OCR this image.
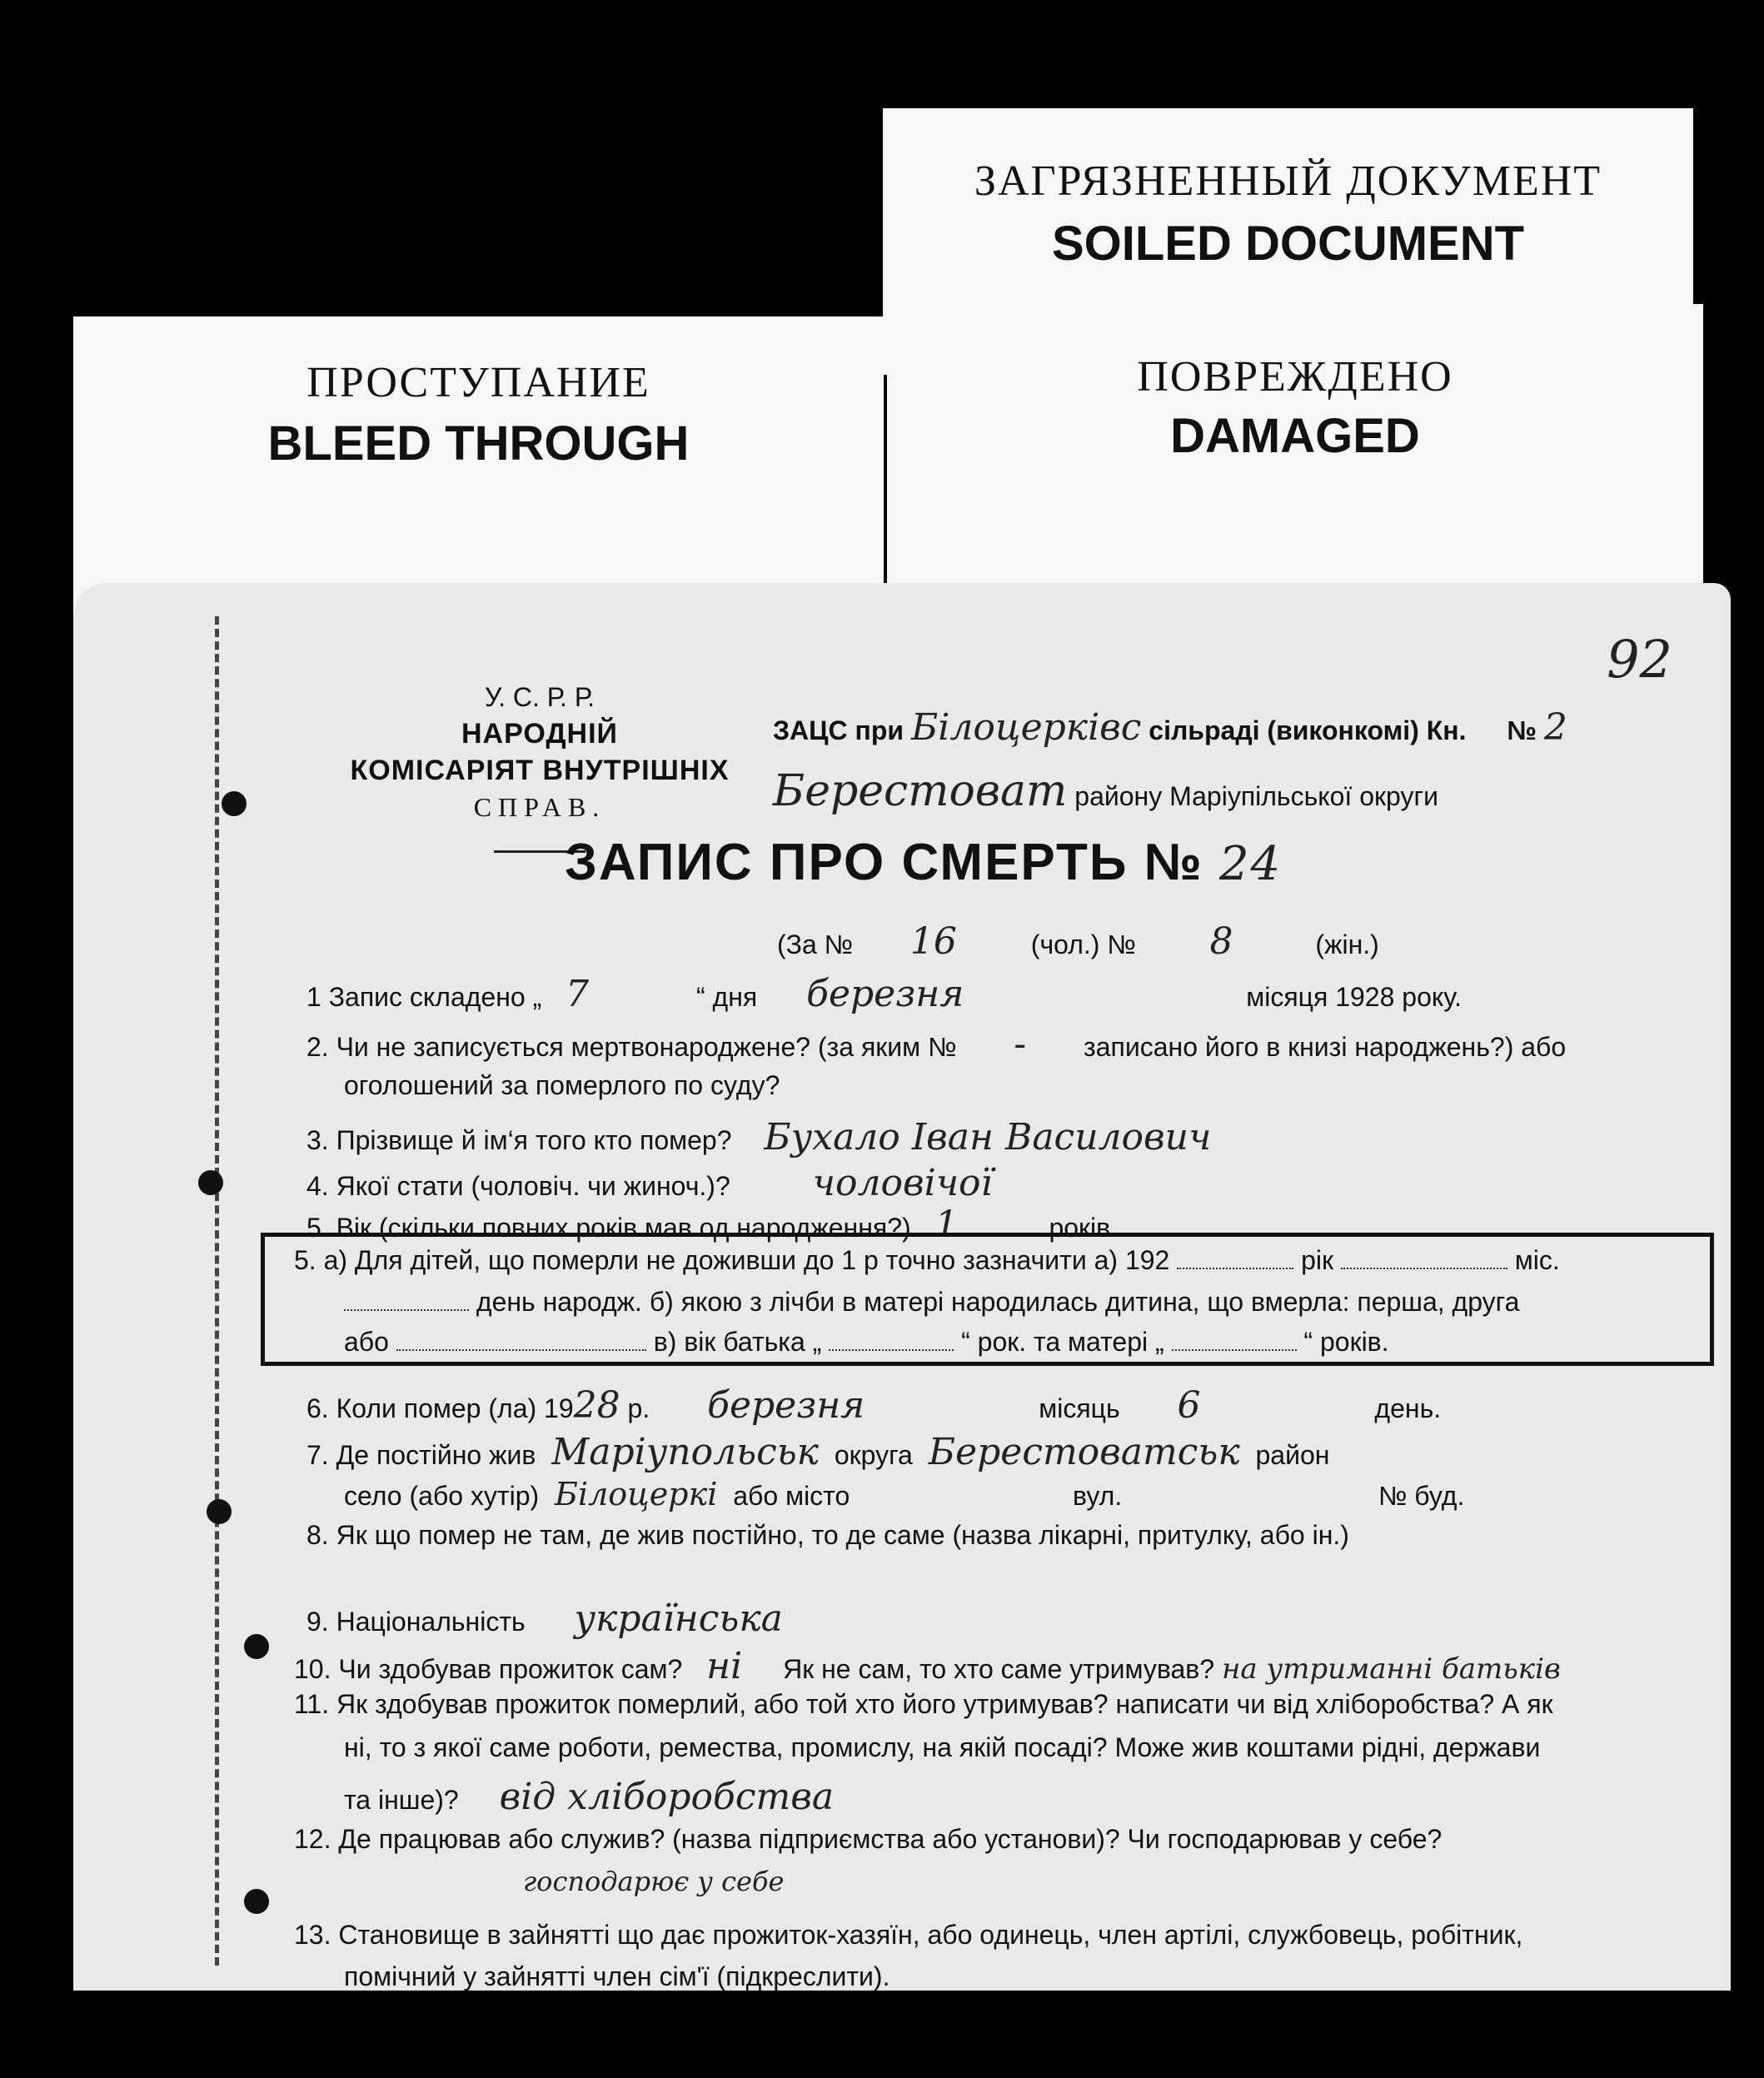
ЗАГРЯЗНЕННЫЙ ДОКУМЕНТ
SOILED DOCUMENT
ПРОСТУПАНИЕ
BLEED THROUGH
ПОВРЕЖДЕНО
DAMAGED
92
У. С. Р. Р.
НАРОДНІЙ
КОМІСАРІЯТ ВНУТРІШНІХ
СПРАВ.
ЗАЦС при Білоцерківс сільраді (виконкомі) Кн. № 2
Берестоват району Маріупільської округи
ЗАПИС ПРО СМЕРТЬ № 24
(За № 16	(чол.) № 8	(жін.)
1 Запис складено „ 7	“ дня березня	місяця 1928 року.
2. Чи не записується мертвонароджене? (за яким № - записано його в книзі народжень?) або
оголошений за померлого по суду?
3. Прізвище й ім‘я того кто помер? Бухало Іван Василович
4. Якої стати (чоловіч. чи жиноч.)? чоловічої
5. Вік (скільки повних років мав од народження?) 1	років
5. а) Для дітей, що померли не доживши до 1 р точно зазначити а) 192	рік	міс.
день народж. б) якою з лічби в матері народилась дитина, що вмерла: перша, друга
або	в) вік батька „	“ рок. та матері „	“ років.
6. Коли помер (ла) 1928 р. березня	місяць 6	день.
7. Де постійно жив Маріупольськ округа Берестоватськ район
село (або хутір) Білоцеркі або місто	вул.	№ буд.
8. Як що помер не там, де жив постійно, то де саме (назва лікарні, притулку, або ін.)
9. Національність українська
10. Чи здобував прожиток сам? ні Як не сам, то хто саме утримував? на утриманні батьків
11. Як здобував прожиток померлий, або той хто його утримував? написати чи від хліборобства? А як
ні, то з якої саме роботи, ремества, промислу, на якій посаді? Може жив коштами рідні, держави
та інше)? від хліборобства
12. Де працював або служив? (назва підприємства або установи)? Чи господарював у себе?
господарює у себе
13. Становище в зайнятті що дає прожиток-хазяїн, або одинець, член артілі, службовець, робітник,
помічний у зайнятті член сім'ї (підкреслити).
